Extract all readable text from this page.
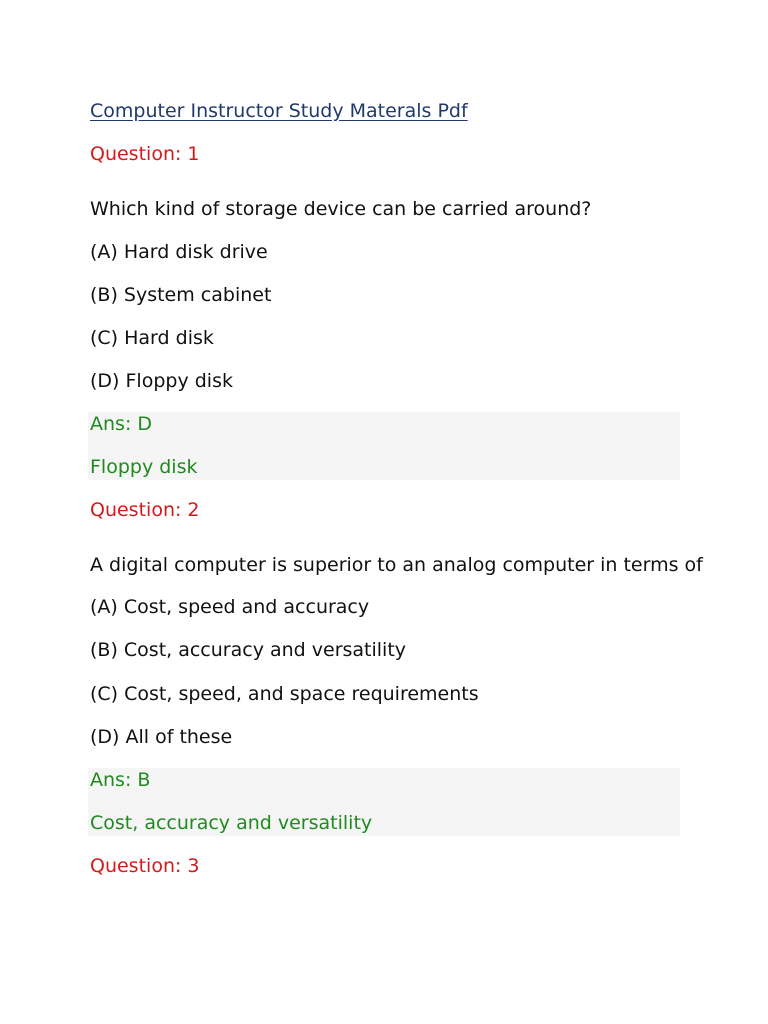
Computer Instructor Study Materals Pdf
Question: 1
Which kind of storage device can be carried around?
(A) Hard disk drive
(B) System cabinet
(C) Hard disk
(D) Floppy disk
Ans: D
Floppy disk
Question: 2
A digital computer is superior to an analog computer in terms of
(A) Cost, speed and accuracy
(B) Cost, accuracy and versatility
(C) Cost, speed, and space requirements
(D) All of these
Ans: B
Cost, accuracy and versatility
Question: 3
